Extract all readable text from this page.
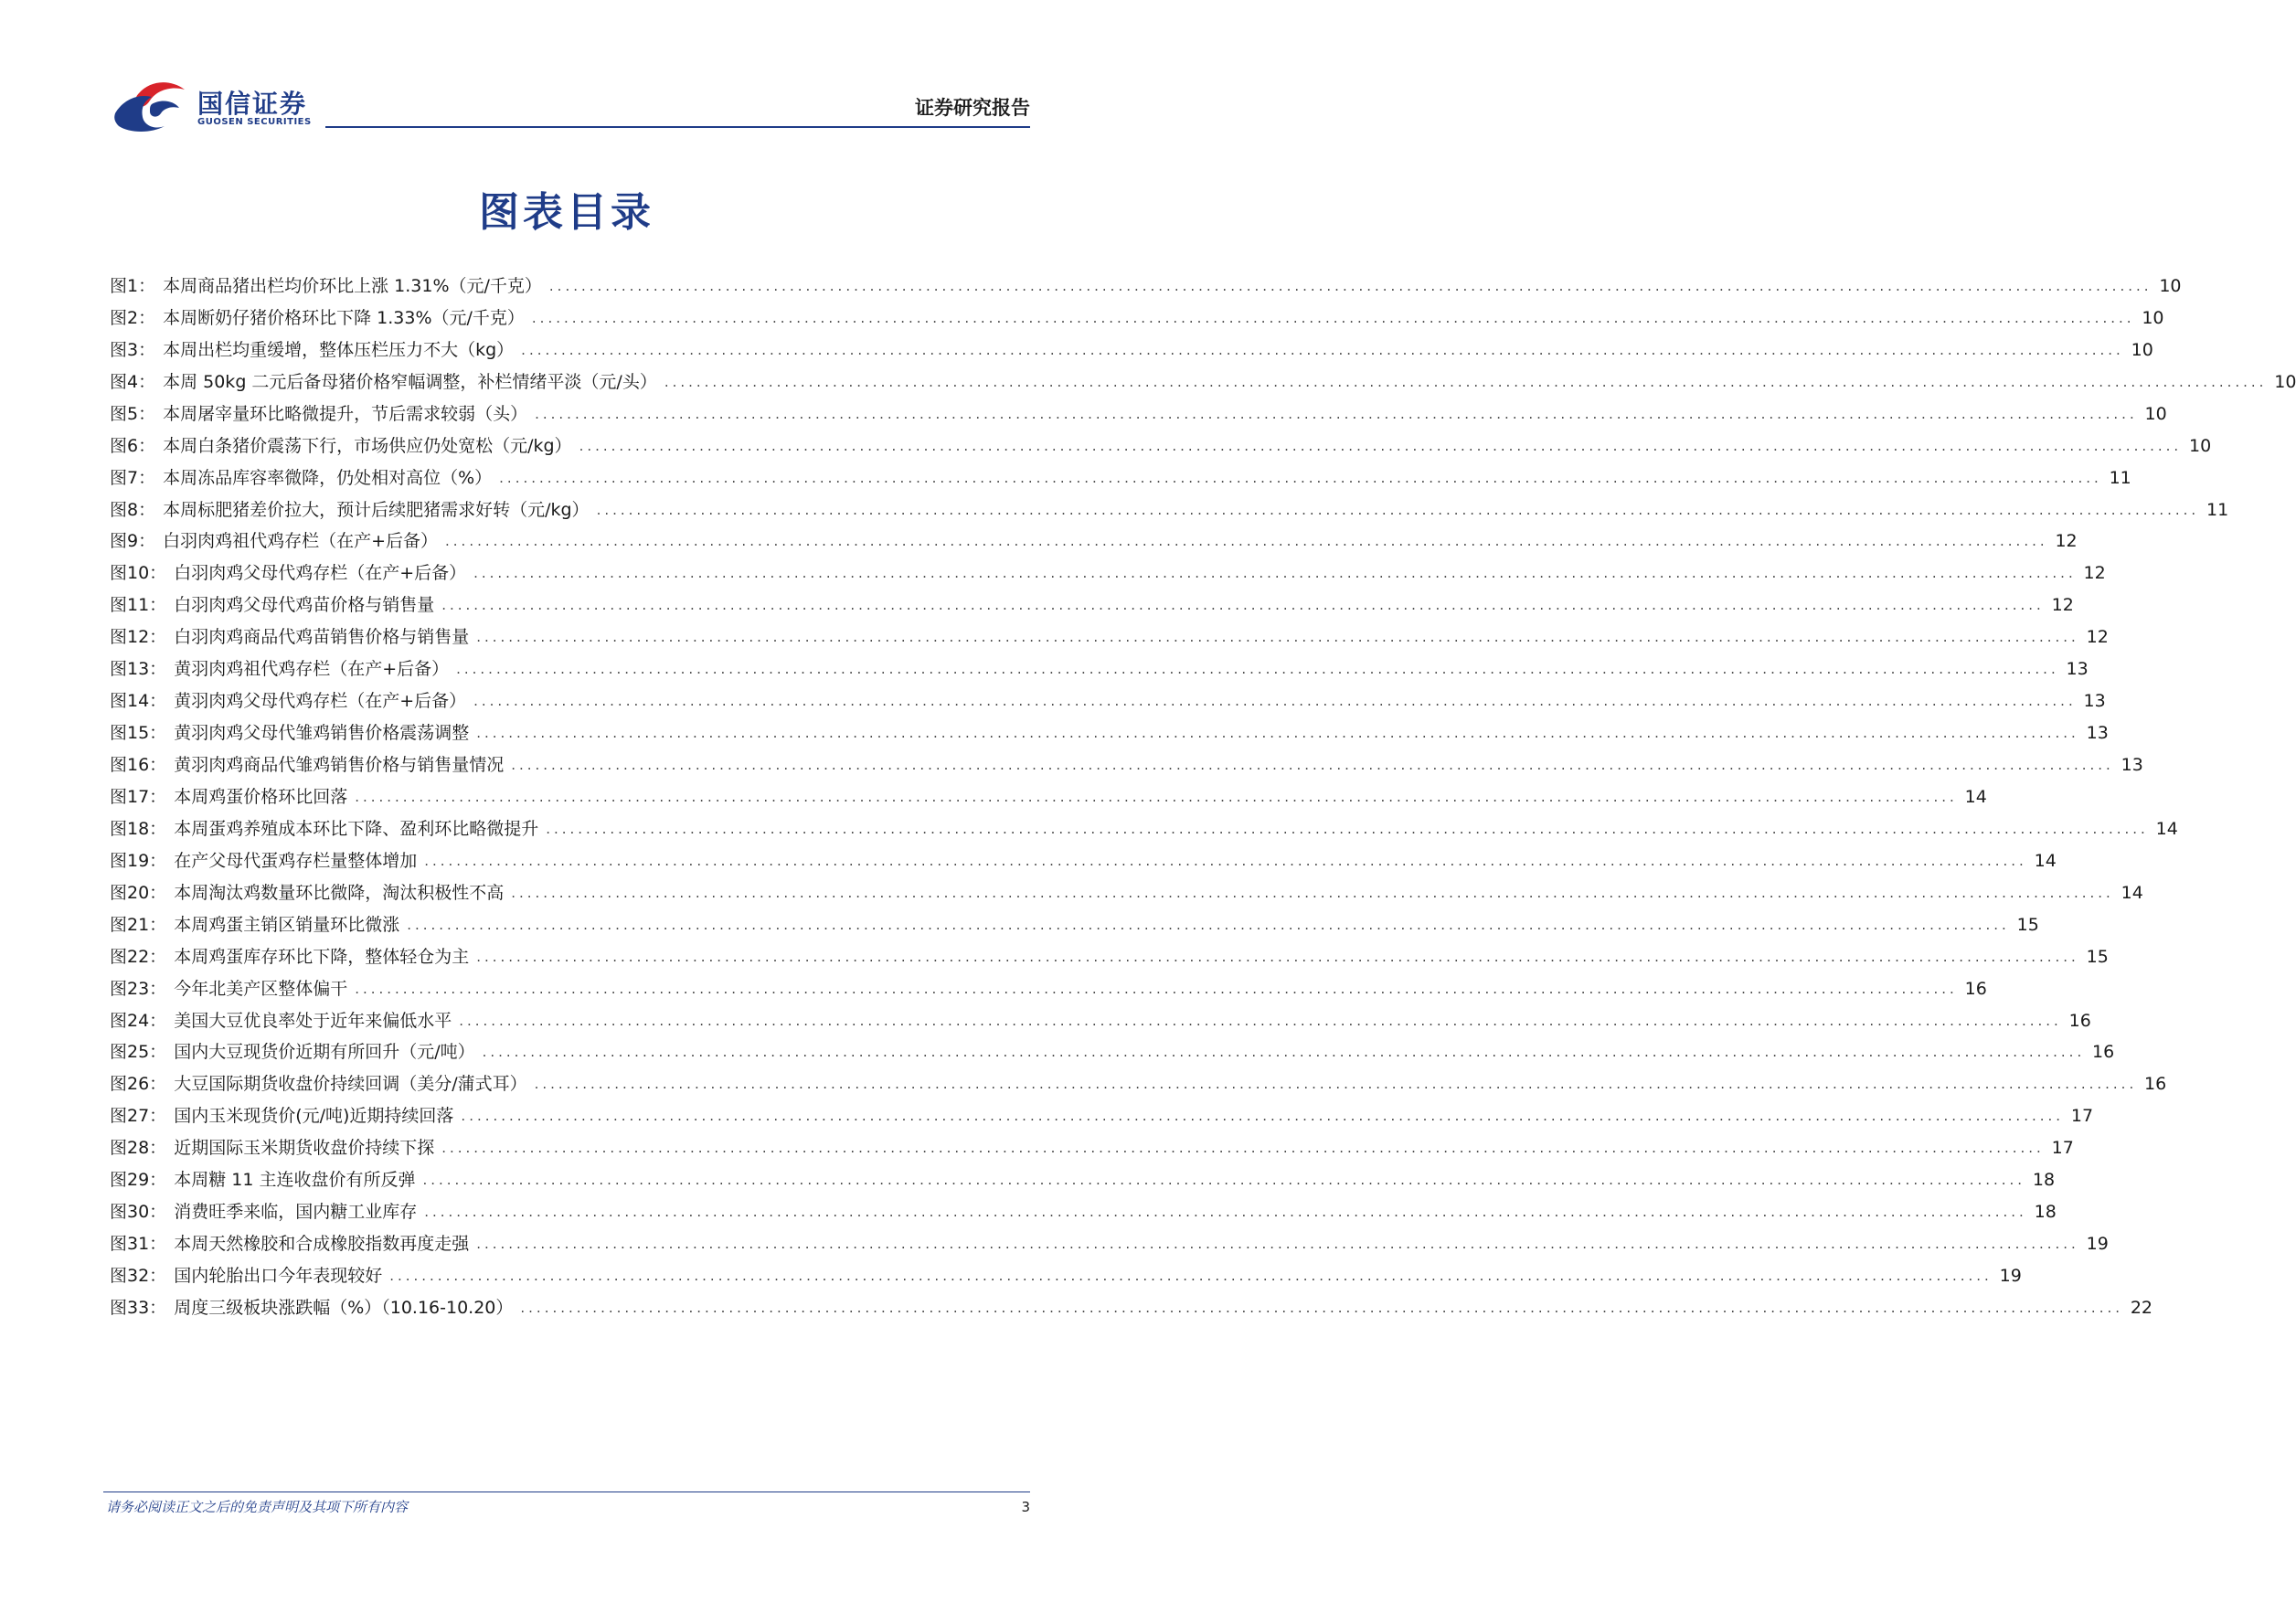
国信证券
GUOSEN SECURITIES
证券研究报告
图表目录
图1： 本周商品猪出栏均价环比上涨 1.31%（元/千克） ........................................................................................................................................................................................................ 10
图2： 本周断奶仔猪价格环比下降 1.33%（元/千克） ........................................................................................................................................................................................................ 10
图3： 本周出栏均重缓增，整体压栏压力不大（kg） ........................................................................................................................................................................................................ 10
图4： 本周 50kg 二元后备母猪价格窄幅调整，补栏情绪平淡（元/头） ........................................................................................................................................................................................................ 10
图5： 本周屠宰量环比略微提升，节后需求较弱（头） ........................................................................................................................................................................................................ 10
图6： 本周白条猪价震荡下行，市场供应仍处宽松（元/kg） ........................................................................................................................................................................................................ 10
图7： 本周冻品库容率微降，仍处相对高位（%） ........................................................................................................................................................................................................ 11
图8： 本周标肥猪差价拉大，预计后续肥猪需求好转（元/kg） ........................................................................................................................................................................................................ 11
图9： 白羽肉鸡祖代鸡存栏（在产+后备） ........................................................................................................................................................................................................ 12
图10： 白羽肉鸡父母代鸡存栏（在产+后备） ........................................................................................................................................................................................................ 12
图11： 白羽肉鸡父母代鸡苗价格与销售量 ........................................................................................................................................................................................................ 12
图12： 白羽肉鸡商品代鸡苗销售价格与销售量 ........................................................................................................................................................................................................ 12
图13： 黄羽肉鸡祖代鸡存栏（在产+后备） ........................................................................................................................................................................................................ 13
图14： 黄羽肉鸡父母代鸡存栏（在产+后备） ........................................................................................................................................................................................................ 13
图15： 黄羽肉鸡父母代雏鸡销售价格震荡调整 ........................................................................................................................................................................................................ 13
图16： 黄羽肉鸡商品代雏鸡销售价格与销售量情况 ........................................................................................................................................................................................................ 13
图17： 本周鸡蛋价格环比回落 ........................................................................................................................................................................................................ 14
图18： 本周蛋鸡养殖成本环比下降、盈利环比略微提升 ........................................................................................................................................................................................................ 14
图19： 在产父母代蛋鸡存栏量整体增加 ........................................................................................................................................................................................................ 14
图20： 本周淘汰鸡数量环比微降，淘汰积极性不高 ........................................................................................................................................................................................................ 14
图21： 本周鸡蛋主销区销量环比微涨 ........................................................................................................................................................................................................ 15
图22： 本周鸡蛋库存环比下降，整体轻仓为主 ........................................................................................................................................................................................................ 15
图23： 今年北美产区整体偏干 ........................................................................................................................................................................................................ 16
图24： 美国大豆优良率处于近年来偏低水平 ........................................................................................................................................................................................................ 16
图25： 国内大豆现货价近期有所回升（元/吨） ........................................................................................................................................................................................................ 16
图26： 大豆国际期货收盘价持续回调（美分/蒲式耳） ........................................................................................................................................................................................................ 16
图27： 国内玉米现货价(元/吨)近期持续回落 ........................................................................................................................................................................................................ 17
图28： 近期国际玉米期货收盘价持续下探 ........................................................................................................................................................................................................ 17
图29： 本周糖 11 主连收盘价有所反弹 ........................................................................................................................................................................................................ 18
图30： 消费旺季来临，国内糖工业库存 ........................................................................................................................................................................................................ 18
图31： 本周天然橡胶和合成橡胶指数再度走强 ........................................................................................................................................................................................................ 19
图32： 国内轮胎出口今年表现较好 ........................................................................................................................................................................................................ 19
图33： 周度三级板块涨跌幅（%）（10.16-10.20） ........................................................................................................................................................................................................ 22
请务必阅读正文之后的免责声明及其项下所有内容	3
